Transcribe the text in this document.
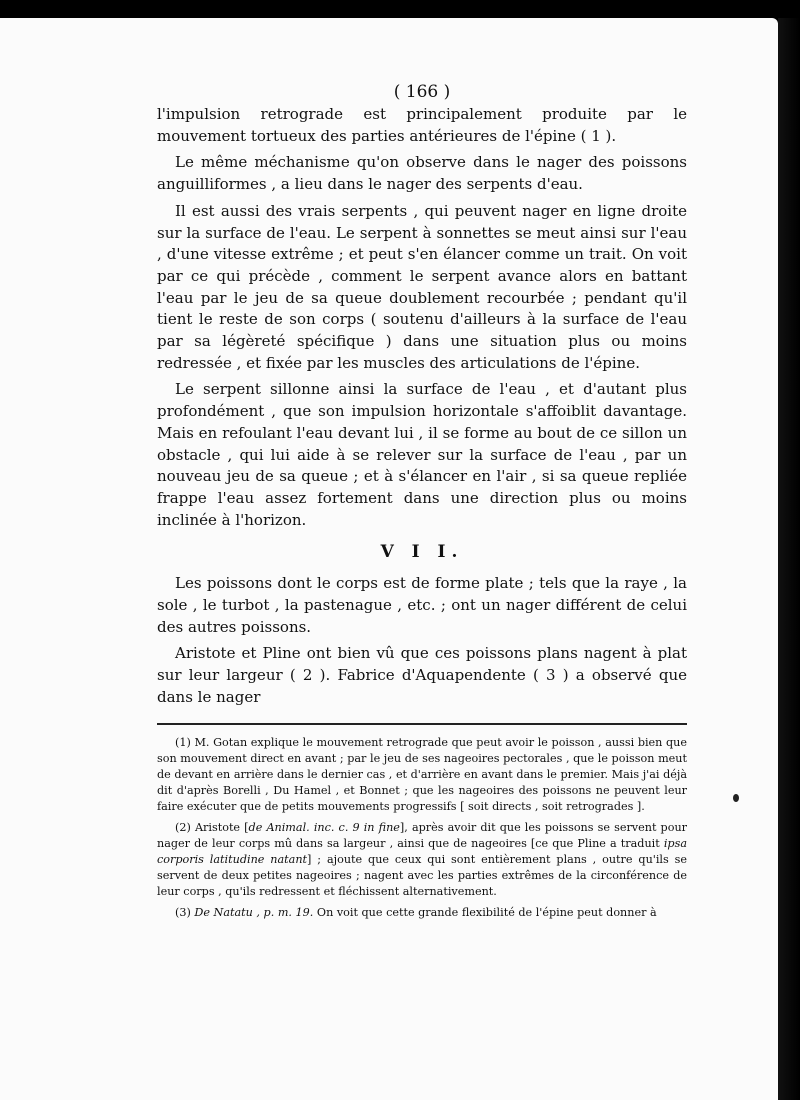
( 166 )

l'impulsion retrograde est principalement produite par le mouvement tortueux des parties antérieures de l'épine ( 1 ).

Le même méchanisme qu'on observe dans le nager des poissons anguilliformes , a lieu dans le nager des serpents d'eau.

Il est aussi des vrais serpents , qui peuvent nager en ligne droite sur la surface de l'eau. Le serpent à sonnettes se meut ainsi sur l'eau , d'une vitesse extrême ; et peut s'en élancer comme un trait. On voit par ce qui précède , comment le serpent avance alors en battant l'eau par le jeu de sa queue doublement recourbée ; pendant qu'il tient le reste de son corps ( soutenu d'ailleurs à la surface de l'eau par sa légèreté spécifique ) dans une situation plus ou moins redressée , et fixée par les muscles des articulations de l'épine.

Le serpent sillonne ainsi la surface de l'eau , et d'autant plus profondément , que son impulsion horizontale s'affoiblit davantage. Mais en refoulant l'eau devant lui , il se forme au bout de ce sillon un obstacle , qui lui aide à se relever sur la surface de l'eau , par un nouveau jeu de sa queue ; et à s'élancer en l'air , si sa queue repliée frappe l'eau assez fortement dans une direction plus ou moins inclinée à l'horizon.

V I I.

Les poissons dont le corps est de forme plate ; tels que la raye , la sole , le turbot , la pastenague , etc. ; ont un nager différent de celui des autres poissons.

Aristote et Pline ont bien vû que ces poissons plans nagent à plat sur leur largeur ( 2 ). Fabrice d'Aquapendente ( 3 ) a observé que dans le nager

(1) M. Gotan explique le mouvement retrograde que peut avoir le poisson , aussi bien que son mouvement direct en avant ; par le jeu de ses nageoires pectorales , que le poisson meut de devant en arrière dans le dernier cas , et d'arrière en avant dans le premier. Mais j'ai déjà dit d'après Borelli , Du Hamel , et Bonnet ; que les nageoires des poissons ne peuvent leur faire exécuter que de petits mouvements progressifs [ soit directs , soit retrogrades ].

(2) Aristote [de Animal. inc. c. 9 in fine], après avoir dit que les poissons se servent pour nager de leur corps mû dans sa largeur , ainsi que de nageoires [ce que Pline a traduit ipsa corporis latitudine natant] ; ajoute que ceux qui sont entièrement plans , outre qu'ils se servent de deux petites nageoires ; nagent avec les parties extrêmes de la circonférence de leur corps , qu'ils redressent et fléchissent alternativement.

(3) De Natatu , p. m. 19. On voit que cette grande flexibilité de l'épine peut donner à
